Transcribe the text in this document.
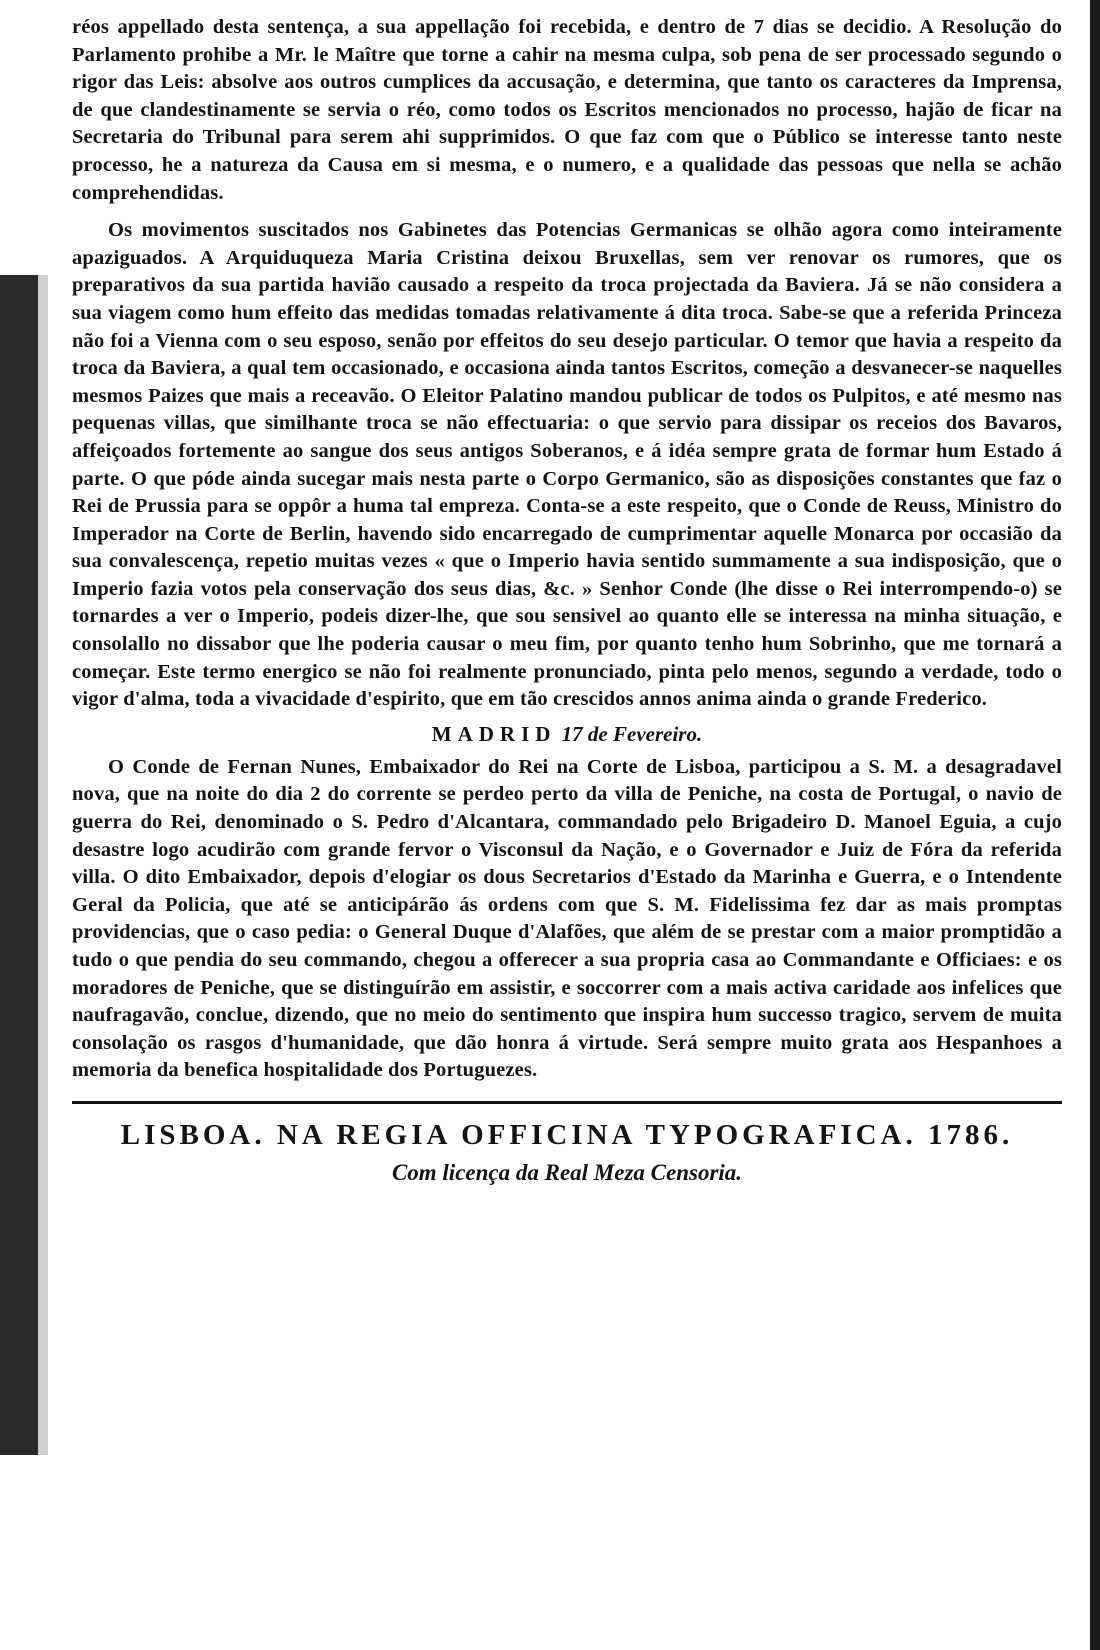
réos appellado desta sentença, a sua appellação foi recebida, e dentro de 7 dias se decidio. A Resolução do Parlamento prohibe a Mr. le Maître que torne a cahir na mesma culpa, sob pena de ser processado segundo o rigor das Leis: absolve aos outros cumplices da accusação, e determina, que tanto os caracteres da Imprensa, de que clandestinamente se servia o réo, como todos os Escritos mencionados no processo, hajão de ficar na Secretaria do Tribunal para serem ahi supprimidos. O que faz com que o Público se interesse tanto neste processo, he a natureza da Causa em si mesma, e o numero, e a qualidade das pessoas que nella se achão comprehendidas.

Os movimentos suscitados nos Gabinetes das Potencias Germanicas se olhão agora como inteiramente apaziguados. A Arquiduqueza Maria Cristina deixou Bruxellas, sem ver renovar os rumores, que os preparativos da sua partida havião causado a respeito da troca projectada da Baviera. Já se não considera a sua viagem como hum effeito das medidas tomadas relativamente á dita troca. Sabe-se que a referida Princeza não foi a Vienna com o seu esposo, senão por effeitos do seu desejo particular. O temor que havia a respeito da troca da Baviera, a qual tem occasionado, e occasiona ainda tantos Escritos, começão a desvanecer-se naquelles mesmos Paizes que mais a receavão. O Eleitor Palatino mandou publicar de todos os Pulpitos, e até mesmo nas pequenas villas, que similhante troca se não effectuaria: o que servio para dissipar os receios dos Bavaros, affeiçoados fortemente ao sangue dos seus antigos Soberanos, e á idéa sempre grata de formar hum Estado á parte. O que póde ainda sucegar mais nesta parte o Corpo Germanico, são as disposições constantes que faz o Rei de Prussia para se oppôr a huma tal empreza. Conta-se a este respeito, que o Conde de Reuss, Ministro do Imperador na Corte de Berlin, havendo sido encarregado de cumprimentar aquelle Monarca por occasião da sua convalescença, repetio muitas vezes « que o Imperio havia sentido summamente a sua indisposição, que o Imperio fazia votos pela conservação dos seus dias, &c. » Senhor Conde (lhe disse o Rei interrompendo-o) se tornardes a ver o Imperio, podeis dizer-lhe, que sou sensivel ao quanto elle se interessa na minha situação, e consolallo no dissabor que lhe poderia causar o meu fim, por quanto tenho hum Sobrinho, que me tornará a começar. Este termo energico se não foi realmente pronunciado, pinta pelo menos, segundo a verdade, todo o vigor d'alma, toda a vivacidade d'espirito, que em tão crescidos annos anima ainda o grande Frederico.

MADRID 17 de Fevereiro.

O Conde de Fernan Nunes, Embaixador do Rei na Corte de Lisboa, participou a S. M. a desagradavel nova, que na noite do dia 2 do corrente se perdeo perto da villa de Peniche, na costa de Portugal, o navio de guerra do Rei, denominado o S. Pedro d'Alcantara, commandado pelo Brigadeiro D. Manoel Eguia, a cujo desastre logo acudirão com grande fervor o Visconsul da Nação, e o Governador e Juiz de Fóra da referida villa. O dito Embaixador, depois d'elogiar os dous Secretarios d'Estado da Marinha e Guerra, e o Intendente Geral da Policia, que até se anticipárão ás ordens com que S. M. Fidelissima fez dar as mais promptas providencias, que o caso pedia: o General Duque d'Alafões, que além de se prestar com a maior promptidão a tudo o que pendia do seu commando, chegou a offerecer a sua propria casa ao Commandante e Officiaes: e os moradores de Peniche, que se distinguírão em assistir, e soccorrer com a mais activa caridade aos infelices que naufragavão, conclue, dizendo, que no meio do sentimento que inspira hum successo tragico, servem de muita consolação os rasgos d'humanidade, que dão honra á virtude. Será sempre muito grata aos Hespanhoes a memoria da benefica hospitalidade dos Portuguezes.

LISBOA. NA REGIA OFFICINA TYPOGRAFICA. 1786.

Com licença da Real Meza Censoria.
